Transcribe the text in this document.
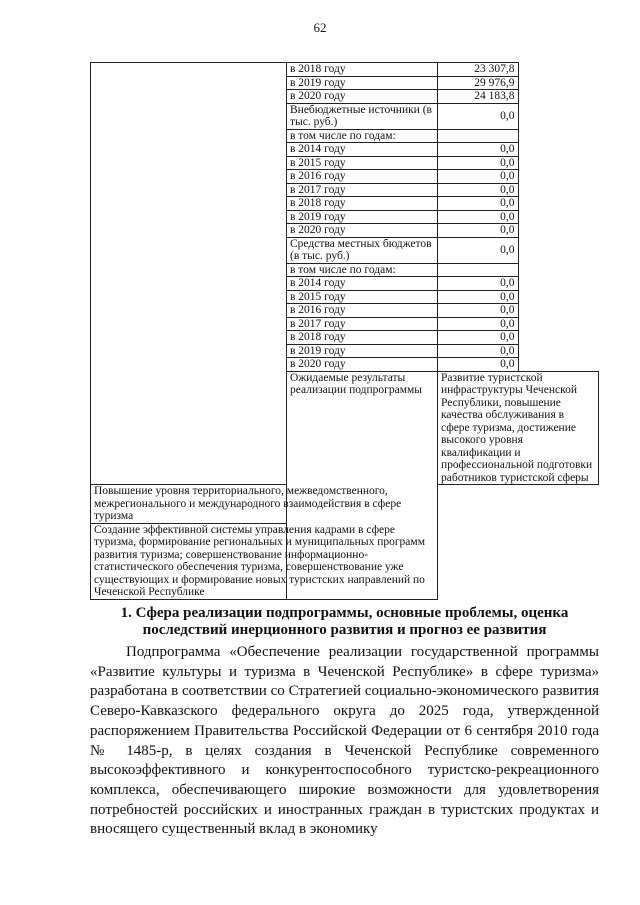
62
	в 2018 году	23 307,8
	в 2019 году	29 976,9
	в 2020 году	24 183,8
	Внебюджетные источники (в тыс. руб.)	0,0
	в том числе по годам:	
	в 2014 году	0,0
	в 2015 году	0,0
	в 2016 году	0,0
	в 2017 году	0,0
	в 2018 году	0,0
	в 2019 году	0,0
	в 2020 году	0,0
	Средства местных бюджетов (в тыс. руб.)	0,0
	в том числе по годам:	
	в 2014 году	0,0
	в 2015 году	0,0
	в 2016 году	0,0
	в 2017 году	0,0
	в 2018 году	0,0
	в 2019 году	0,0
	в 2020 году	0,0
	Ожидаемые результаты реализации подпрограммы	Развитие туристской инфраструктуры Чеченской Республики, повышение качества обслуживания в сфере туризма, достижение высокого уровня квалификации и профессиональной подготовки работников туристской сферы
Повышение уровня территориального, межведомственного, межрегионального и международного взаимодействия в сфере туризма		
Создание эффективной системы управления кадрами в сфере туризма, формирование региональных и муниципальных программ развития туризма; совершенствование информационно-статистического обеспечения туризма, совершенствование уже существующих и формирование новых туристских направлений по Чеченской Республике		
1. Сфера реализации подпрограммы, основные проблемы, оценка последствий инерционного развития и прогноз ее развития

Подпрограмма «Обеспечение реализации государственной программы «Развитие культуры и туризма в Чеченской Республике» в сфере туризма» разработана в соответствии со Стратегией социально-экономического развития Северо-Кавказского федерального округа до 2025 года, утвержденной распоряжением Правительства Российской Федерации от 6 сентября 2010 года № 1485-р, в целях создания в Чеченской Республике современного высокоэффективного и конкурентоспособного туристско-рекреационного комплекса, обеспечивающего широкие возможности для удовлетворения потребностей российских и иностранных граждан в туристских продуктах и вносящего существенный вклад в экономику
